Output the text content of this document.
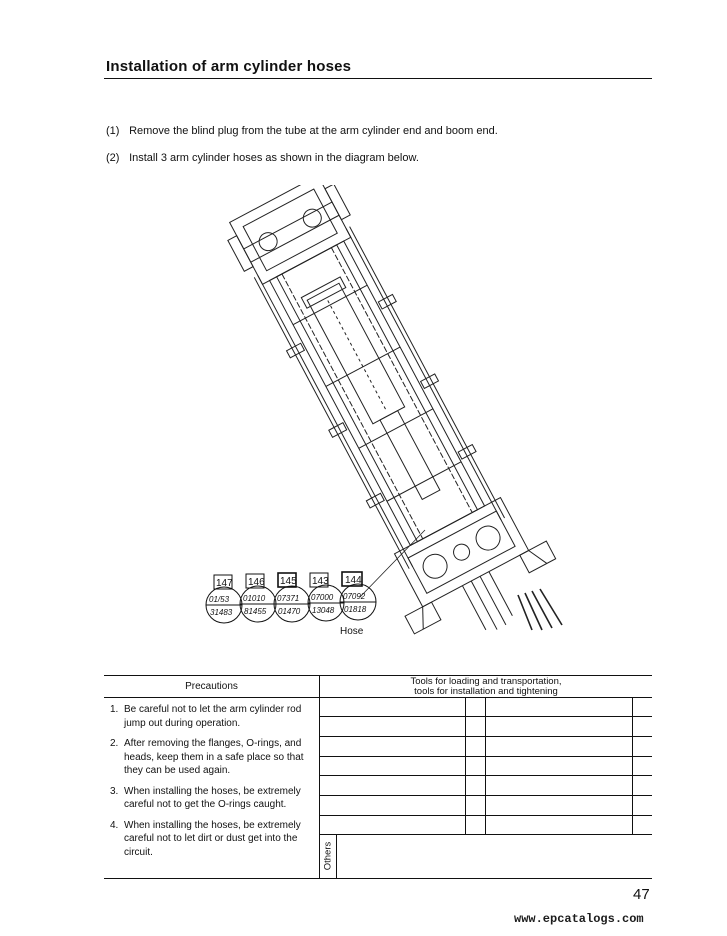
Installation of arm cylinder hoses
(1) Remove the blind plug from the tube at the arm cylinder end and boom end.
(2) Install 3 arm cylinder hoses as shown in the diagram below.
147 146 145 143 144
01/53 01010 07371 07000 07092
31483 81455 01470 13048 01818
Hose
Precautions	Tools for loading and transportation,
tools for installation and tightening
1. Be careful not to let the arm cylinder rod jump out during operation.
2. After removing the flanges, O-rings, and heads, keep them in a safe place so that they can be used again.
3. When installing the hoses, be extremely careful not to get the O-rings caught.
4. When installing the hoses, be extremely careful not to let dirt or dust get into the circuit.	Others
47
www.epcatalogs.com
